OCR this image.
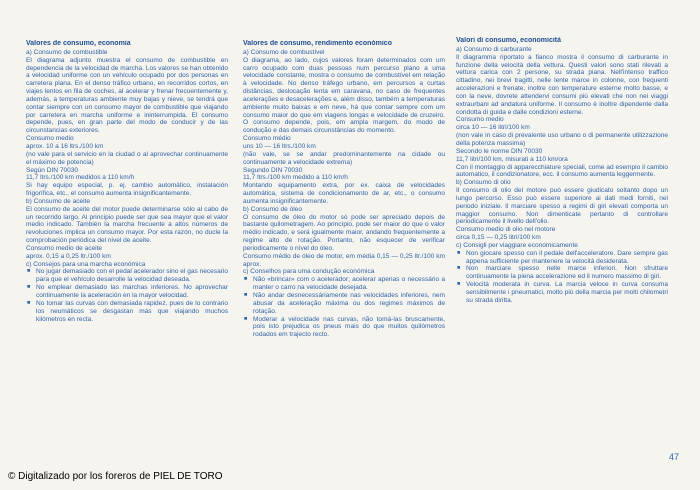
Valores de consumo, economia

a) Consumo de combustible

El diagrama adjunto muestra el consumo de combustible en dependencia de la velocidad de marcha. Los valores se han obtenido a velocidad uniforme con un vehículo ocupado por dos personas en carretera plana. En el denso tráfico urbano, en recorridos cortos, en viajes lentos en fila de coches, al acelerar y frenar frecuentemente y, además, a temperaturas ambiente muy bajas y nieve, se tendrá que contar siempre con un consumo mayor de combustible que viajando por carretera en marcha uniforme e ininterrumpida. El consumo depende, pues, en gran parte del modo de conducir y de las circunstancias exteriores.

Consumo medio

aprox. 10 a 16 ltrs./100 km

(no vale para el servicio en la ciudad o al aprovechar continuamente el máximo de potencia)

Según DIN 70030

11,7 ltrs./100 km medidos a 110 km/h

Si hay equipo especial, p. ej. cambio automático, instalación frigorífica, etc., el consumo aumenta insignificantemente.

b) Consumo de aceite

El consumo de aceite del motor puede determinarse sólo al cabo de un recorrido largo. Al principio puede ser que sea mayor que el valor medio indicado. También la marcha frecuente a altos números de revoluciones implica un consumo mayor. Por esta razón, no ducle la comprobación periódica del nivel de aceite.

Consumo medio de aceite

aprox. 0,15 a 0,25 ltr./100 km

c) Consejos para una marcha económica

■ No jugar demasiado con el pedal acelerador sino el gas necesario para que el vehículo desarrolle la velocidad deseada.
■ No emplear demasiado las marchas inferiores. No aprovechar continuamente la aceleración en la mayor velocidad.
■ No tomar las curvas con demasiada rapidez, pues de lo contrario los neumáticos se desgastan más que viajando muchos kilómetros en recta.
Valores de consumo, rendimento económico

a) Consumo de combustível

O diagrama, ao lado, cujos valores foram determinados com um carro ocupado com duas pessoas num percurso plano a uma velocidade constante, mostra o consumo de combustível em relação à velocidade. No denso tráfego urbano, em percursos a curtas distâncias, deslocação lenta em caravana, no caso de frequentes acelerações e desacelerações e, além disso, também a temperaturas ambiente muito baixas e em neve, há que contar sempre com um consumo maior do que em viagens longas e velocidade de cruzeiro. O consumo depende, pois, em ampla margem, do modo de condução e das demais circunstâncias do momento.

Consumo médio

uns 10 — 16 ltrs./100 km

(não vale, se se andar predominantemente na cidade ou continuamente a velocidade extrema)

Segundo DIN 70030

11,7 ltrs./100 km medido a 110 km/h

Montando equipamento extra, por ex. caixa de velocidades automática, sistema de condicionamento de ar, etc., o consumo aumenta insignificantemente.

b) Consumo de óleo

O consumo de óleo do motor só pode ser apreciado depois de bastante quilometragem. Ao princípio, pode ser maior do que o valor médio indicado, e será igualmente maior, andando frequentemente a regime alto de rotação. Portanto, não esquecer de verificar periodicamente o nível do óleo.

Consumo médio de óleo de motor, em média 0,15 — 0,25 ltr./100 km aprox.

c) Conselhos para uma condução económica

■ Não «brincar» com o acelerador; acelerar apenas o necessário a manter o carro na velocidade desejada.
■ Não andar desnecessáriamente nas velocidades inferiores, nem abusar da aceleração máxima ou dos regimes máximos de rotação.
■ Moderar a velocidade nas curvas, não tomá-las bruscamente, pois isto prejudica os pneus mais do que muitos quilómetros rodados em trajecto recto.
Valori di consumo, economicità

a) Consumo di carburante

Il diagramma riportato a fianco mostra il consumo di carburante in funzione della velocità della vettura. Questi valori sono stati rilevati a vettura carica con 2 persone, su strada piana. Nell'intenso traffico cittadino, nei brevi tragitti, nelle lente marce in colonne, con frequenti accelerazioni e frenate, inoltre con temperature esterne molto basse, e con la neve, dovrete attendervi consumi più elevati che non nei viaggi extraurbani ad andatura uniforme. Il consumo è inoltre dipendente dalla condotta di guida e dalle condizioni esterne.

Consumo medio

circa 10 — 16 litri/100 km

(non vale in caso di prevalente uso urbano o di permanente utilizzazione della potenza massima)

Secondo le norme DIN 70030

11,7 litri/100 km, misurati a 110 km/ora

Con il montaggio di apparecchiature speciali, come ad esempio il cambio automatico, il condizionatore, ecc. il consumo aumenta leggermente.

b) Consumo di olio

Il consumo di olio del motore può essere giudicato soltanto dopo un lungo percorso. Esso può essere superiore ai dati medi forniti, nel periodo iniziale. Il marciare spesso a regimi di giri elevati comporta un maggior consumo. Non dimenticate pertanto di controllare periodicamente il livello dell'olio.

Consumo medio di olio nel motore

circa 0,15 — 0,25 litri/100 km

c) Consigli per viaggiare economicamente

■ Non giocare spesso con il pedale dell'acceleratore. Dare sempre gas appena sufficiente per mantenere la velocità desiderata.
■ Non marciare spesso nelle marce inferiori. Non sfruttare continuamente la piena accelerazione ed il numero massimo di giri.
■ Velocità moderata in curva. La marcia veloce in curva consuma sensibilmente i pneumatici, molto più della marcia per molti chilometri su strada diritta.
47
© Digitalizado por los foreros de PIEL DE TORO
